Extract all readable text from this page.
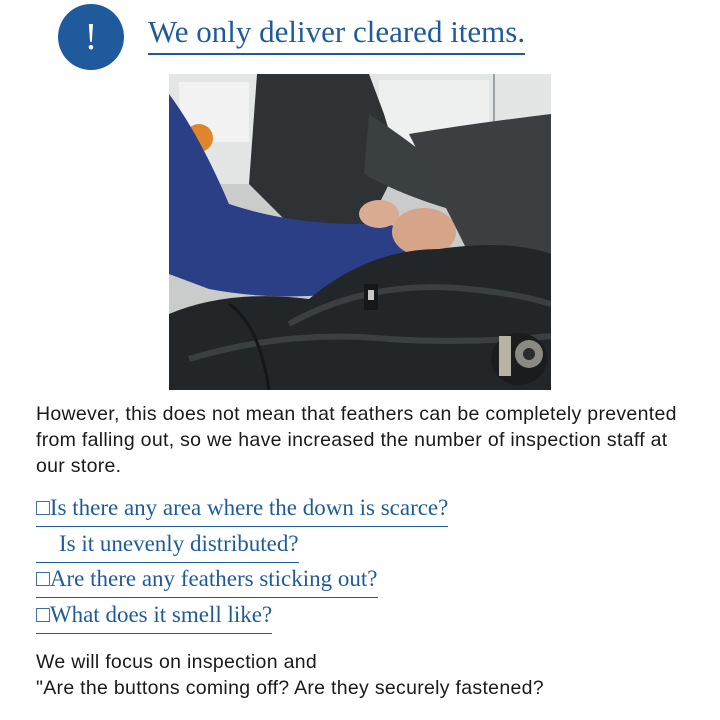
! We only deliver cleared items.

However, this does not mean that feathers can be completely prevented from falling out, so we have increased the number of inspection staff at our store.

□Is there any area where the down is scarce?
　Is it unevenly distributed?
□Are there any feathers sticking out?
□What does it smell like?
We will focus on inspection and
"Are the buttons coming off? Are they securely fastened?
